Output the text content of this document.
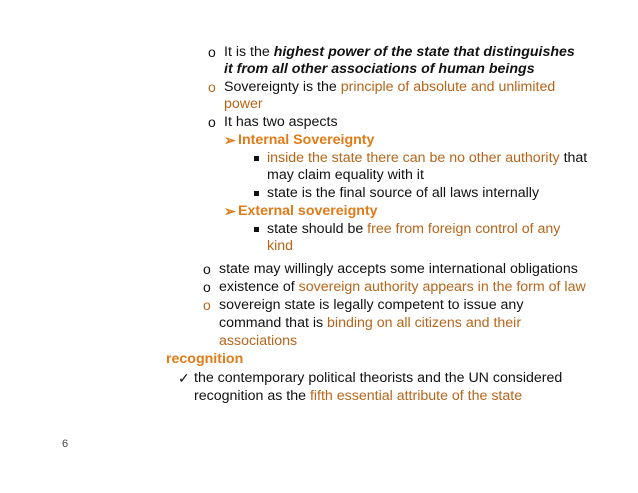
o It is the highest power of the state that distinguishes
it from all other associations of human beings
o Sovereignty is the principle of absolute and unlimited
power
o It has two aspects
➢ Internal Sovereignty
inside the state there can be no other authority that
may claim equality with it
state is the final source of all laws internally
➢ External sovereignty
state should be free from foreign control of any
kind
o state may willingly accepts some international obligations
o existence of sovereign authority appears in the form of law
o sovereign state is legally competent to issue any
command that is binding on all citizens and their
associations
recognition
✓ the contemporary political theorists and the UN considered
recognition as the fifth essential attribute of the state
6
